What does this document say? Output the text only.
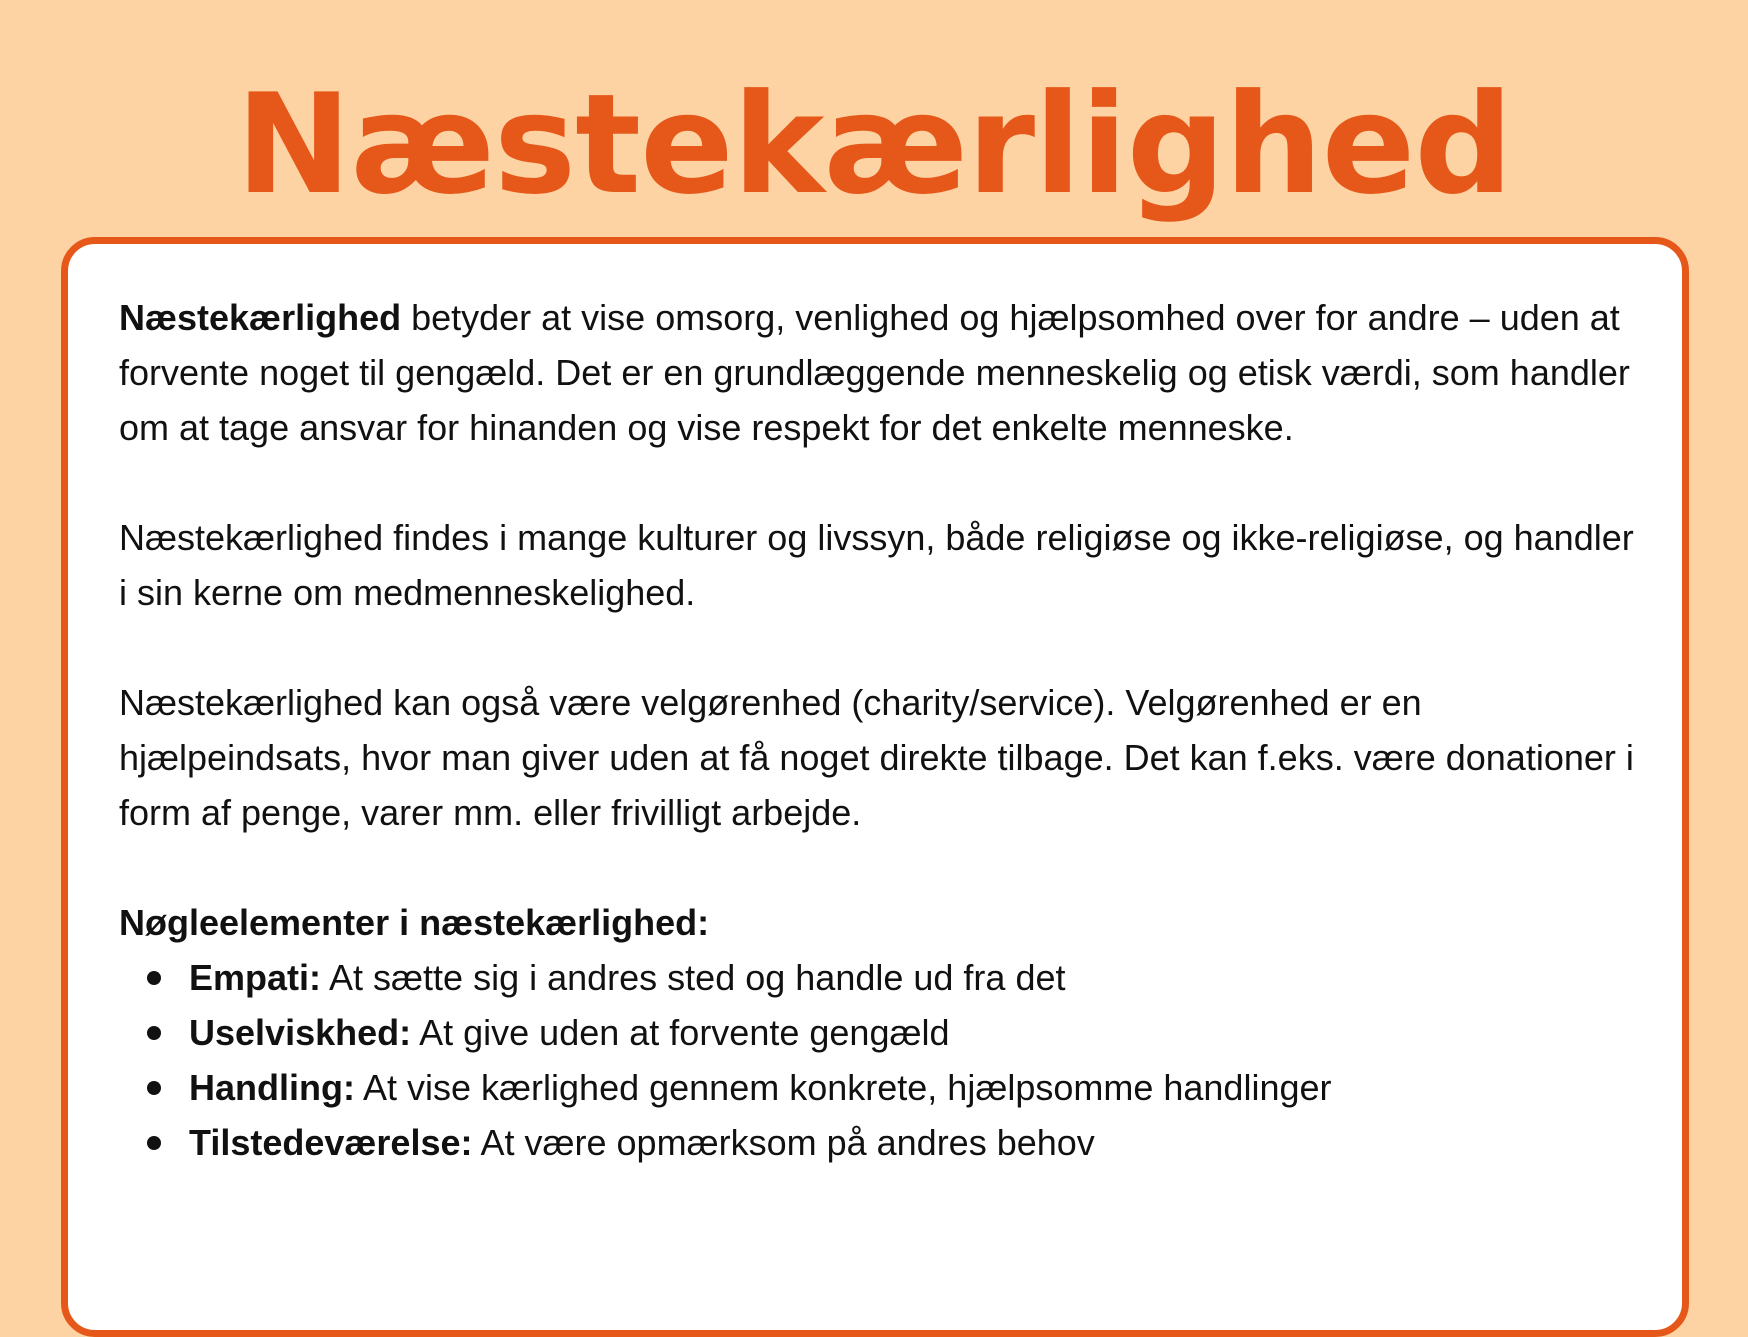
Næstekærlighed

Næstekærlighed betyder at vise omsorg, venlighed og hjælpsomhed over for andre – uden at forvente noget til gengæld. Det er en grundlæggende menneskelig og etisk værdi, som handler om at tage ansvar for hinanden og vise respekt for det enkelte menneske.

Næstekærlighed findes i mange kulturer og livssyn, både religiøse og ikke-religiøse, og handler i sin kerne om medmenneskelighed.

Næstekærlighed kan også være velgørenhed (charity/service). Velgørenhed er en hjælpeindsats, hvor man giver uden at få noget direkte tilbage. Det kan f.eks. være donationer i form af penge, varer mm. eller frivilligt arbejde.

Nøgleelementer i næstekærlighed:

Empati: At sætte sig i andres sted og handle ud fra det
Uselviskhed: At give uden at forvente gengæld
Handling: At vise kærlighed gennem konkrete, hjælpsomme handlinger
Tilstedeværelse: At være opmærksom på andres behov
